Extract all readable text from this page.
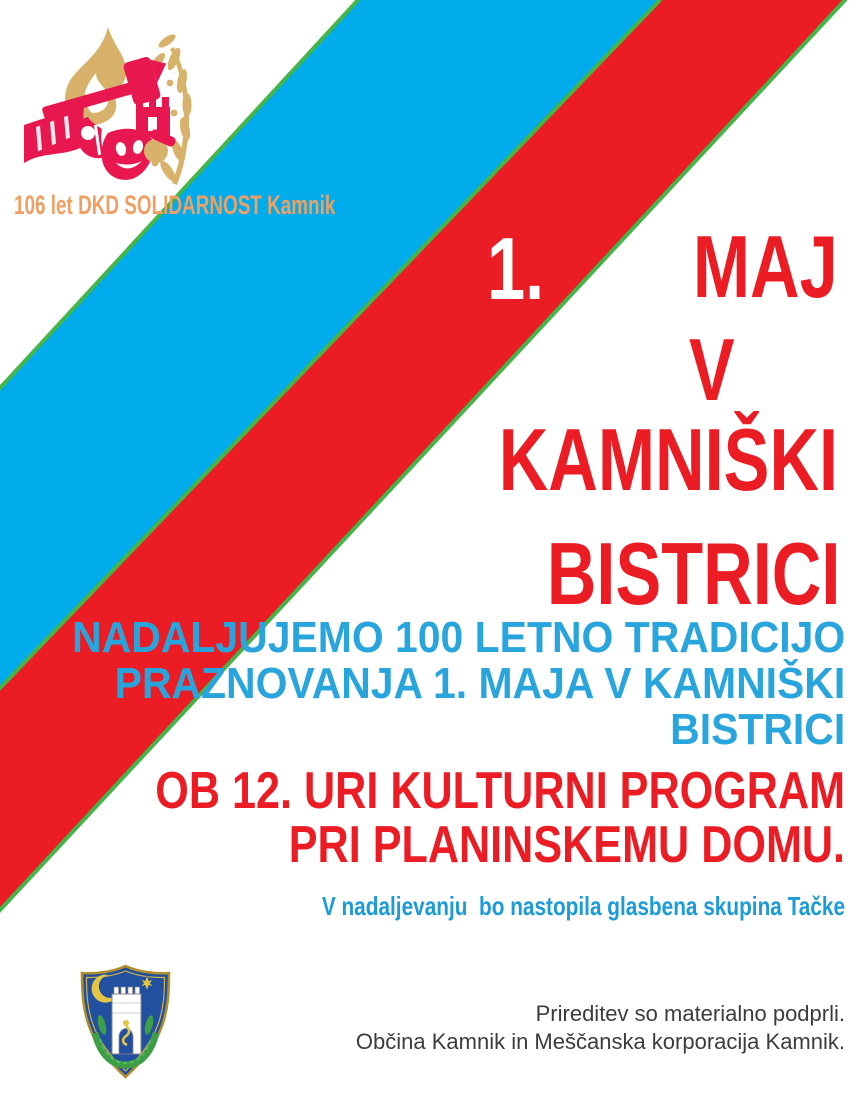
106 let DKD SOLIDARNOST Kamnik
1. MAJ
V
KAMNIŠKI
BISTRICI
NADALJUJEMO 100 LETNO TRADICIJO
PRAZNOVANJA 1. MAJA V KAMNIŠKI
BISTRICI
OB 12. URI KULTURNI PROGRAM
PRI PLANINSKEMU DOMU.
V nadaljevanju  bo nastopila glasbena skupina Tačke
Prireditev so materialno podprli.
Občina Kamnik in Meščanska korporacija Kamnik.
